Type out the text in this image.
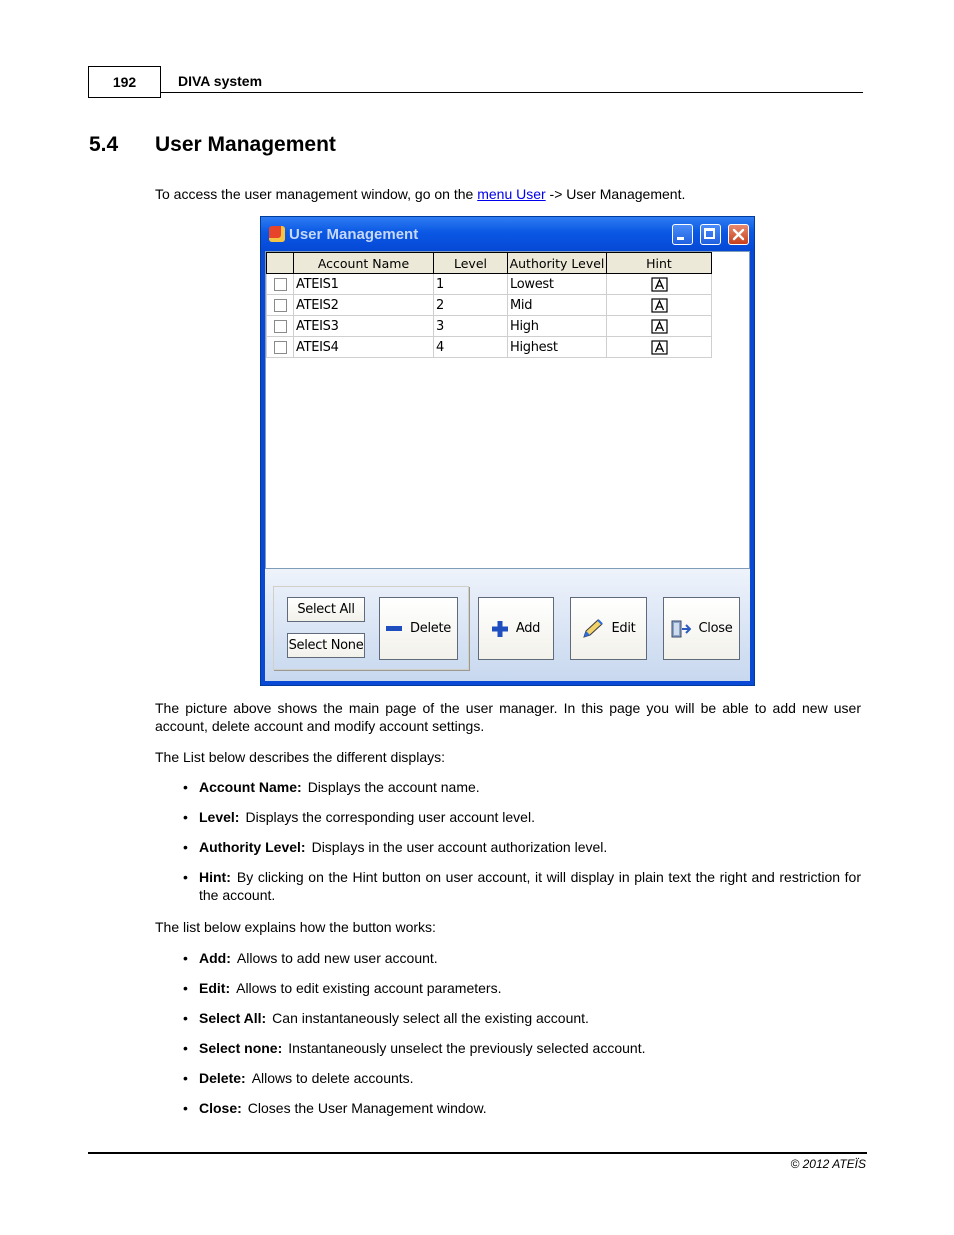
192	DIVA system
5.4 User Management
To access the user management window, go on the menu User -> User Management.
User Management
	Account Name	Level	Authority Level	Hint
	ATEIS1	1	Lowest	

	ATEIS2	2	Mid	

	ATEIS3	3	High	

	ATEIS4	4	Highest	
Select All
Select None
Delete	Add	Edit	Close
The picture above shows the main page of the user manager. In this page you will be able to add new user account, delete account and modify account settings.
The List below describes the different displays:
• Account Name: Displays the account name.
• Level: Displays the corresponding user account level.
• Authority Level: Displays in the user account authorization level.
• Hint: By clicking on the Hint button on user account, it will display in plain text the right and restriction for the account.
The list below explains how the button works:
• Add: Allows to add new user account.
• Edit: Allows to edit existing account parameters.
• Select All: Can instantaneously select all the existing account.
• Select none: Instantaneously unselect the previously selected account.
• Delete: Allows to delete accounts.
• Close: Closes the User Management window.
© 2012 ATEÏS
